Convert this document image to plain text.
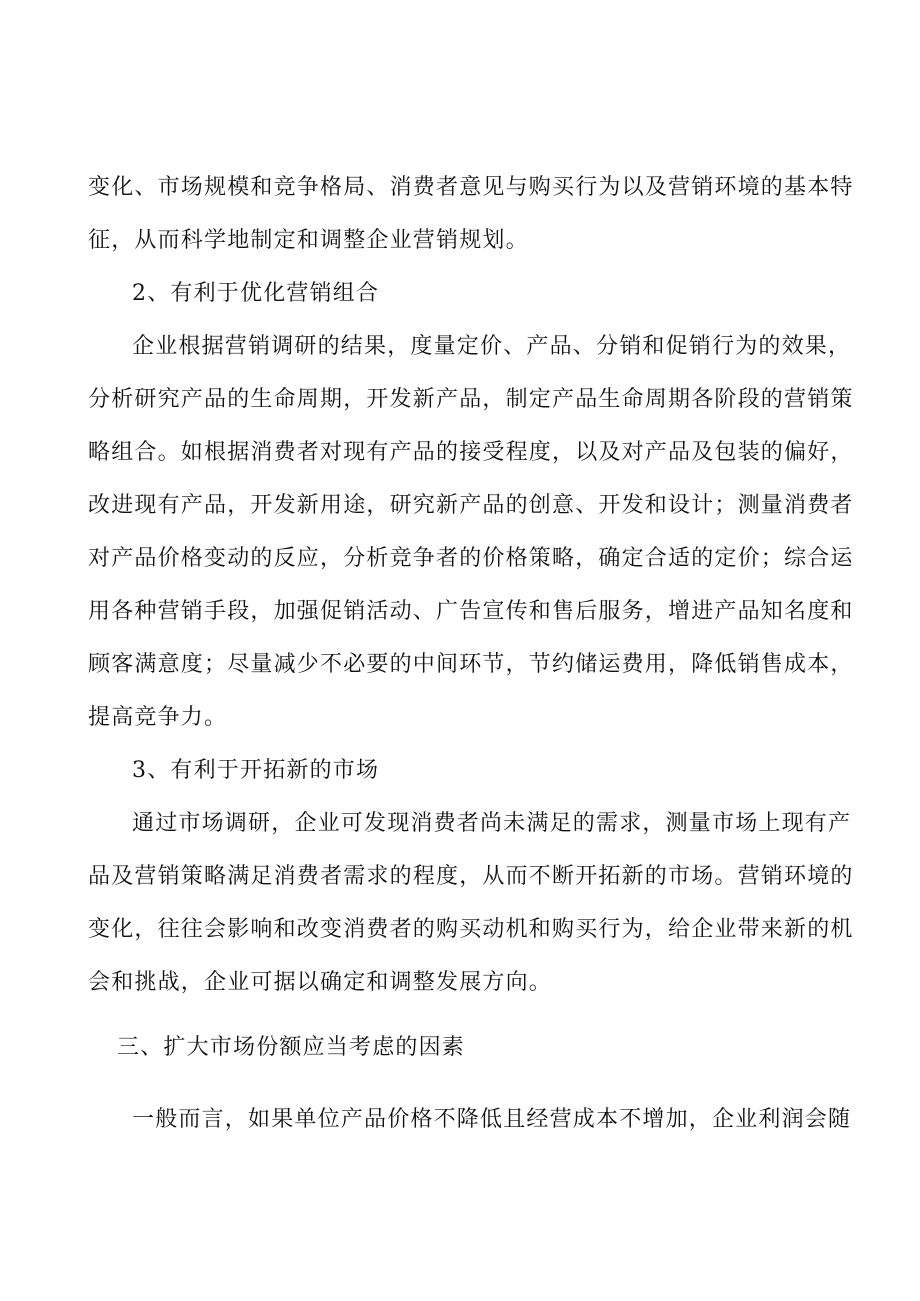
变化、市场规模和竞争格局、消费者意见与购买行为以及营销环境的基本特
征，从而科学地制定和调整企业营销规划。
2、有利于优化营销组合
企业根据营销调研的结果，度量定价、产品、分销和促销行为的效果，
分析研究产品的生命周期，开发新产品，制定产品生命周期各阶段的营销策
略组合。如根据消费者对现有产品的接受程度，以及对产品及包装的偏好，
改进现有产品，开发新用途，研究新产品的创意、开发和设计；测量消费者
对产品价格变动的反应，分析竞争者的价格策略，确定合适的定价；综合运
用各种营销手段，加强促销活动、广告宣传和售后服务，增进产品知名度和
顾客满意度；尽量减少不必要的中间环节，节约储运费用，降低销售成本，
提高竞争力。
3、有利于开拓新的市场
通过市场调研，企业可发现消费者尚未满足的需求，测量市场上现有产
品及营销策略满足消费者需求的程度，从而不断开拓新的市场。营销环境的
变化，往往会影响和改变消费者的购买动机和购买行为，给企业带来新的机
会和挑战，企业可据以确定和调整发展方向。
三、扩大市场份额应当考虑的因素
一般而言，如果单位产品价格不降低且经营成本不增加，企业利润会随
